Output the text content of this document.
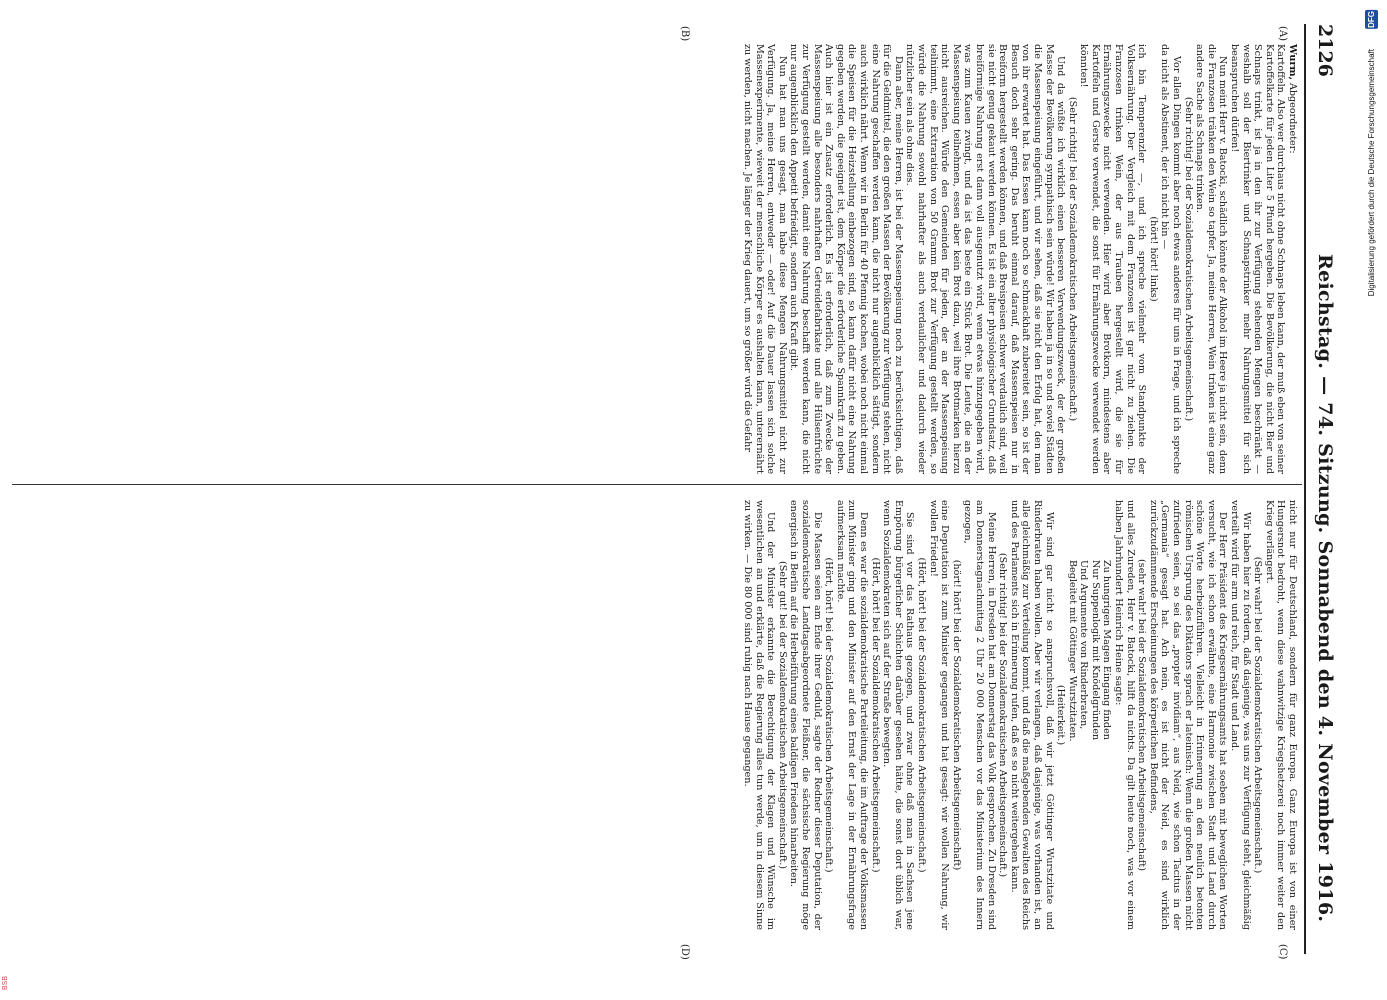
2126
Reichstag. — 74. Sitzung. Sonnabend den 4. November 1916.
(A)
(B)
(C)
(D)

Wurm, Abgeordneter:

Kartoffeln. Also wer durchaus nicht ohne Schnaps leben kann, der muß eben von seiner Kartoffelkarte für jeden Liter 5 Pfund hergeben. Die Bevölkerung, die nicht Bier und Schnaps trinkt, ist ja in den ihr zur Verfügung stehenden Mengen beschränkt — weshalb soll der Biertrinker und Schnapstrinker mehr Nahrungsmittel für sich beanspruchen dürfen!

Nun meint Herr v. Batocki, schädlich könnte der Alkohol im Heere ja nicht sein, denn die Franzosen tränken den Wein so tapfer. Ja, meine Herren, Wein trinken ist eine ganz andere Sache als Schnaps trinken.

(Sehr richtig! bei der Sozialdemokratischen Arbeitsgemeinschaft.)

Vor allen Dingen kommt aber noch etwas anderes für uns in Frage, und ich spreche da nicht als Abstinent, der ich nicht bin —

(hört! hört! links)

ich bin Temperenzler —, und ich spreche vielmehr vom Standpunkte der Volksernährung. Der Vergleich mit dem Franzosen ist gar nicht zu ziehen. Die Franzosen trinken Wein, der aus Trauben hergestellt wird, die sie für Ernährungszwecke nicht verwenden. Hier wird aber Brotkorn, mindestens aber Kartoffeln und Gerste verwendet, die sonst für Ernährungszwecke verwendet werden könnten!

(Sehr richtig! bei der Sozialdemokratischen Arbeitsgemeinschaft.)

Und da wüßte ich wirklich einen besseren Verwendungszweck, der der großen Masse der Bevölkerung sympathisch sein würde! Wir haben ja in so und soviel Städten die Massenspeisung eingeführt, und wir sehen, daß sie nicht den Erfolg hat, den man von ihr erwartet hat. Das Essen kann noch so schmackhaft zubereitet sein, so ist der Besuch doch sehr gering. Das beruht einmal darauf, daß Massenspeisen nur in Breiform hergestellt werden können, und daß Breispeisen schwer verdaulich sind, weil sie nicht genug gekaut werden können. Es ist ein alter physiologischer Grundsatz, daß breiförmige Nahrung erst dann voll ausgenutzt wird, wenn etwas hinzugegeben wird, was zum Kauen zwingt, und da ist das beste ein Stück Brot. Die Leute, die an der Massenspeisung teilnehmen, essen aber kein Brot dazu, weil ihre Brotmarken hierzu nicht ausreichen. Würde den Gemeinden für jeden, der an der Massenspeisung teilnimmt, eine Extraration von 50 Gramm Brot zur Verfügung gestellt werden, so würde die Nahrung sowohl nahrhafter als auch verdaulicher und dadurch wieder nützlicher sein als ohne dies.

Dann aber, meine Herren, ist bei der Massenspeisung noch zu berücksichtigen, daß für die Geldmittel, die den großen Massen der Bevölkerung zur Verfügung stehen, nicht eine Nahrung geschaffen werden kann, die nicht nur augenblicklich sättigt, sondern auch wirklich nährt. Wenn wir in Berlin für 40 Pfennig kochen, wobei noch nicht einmal die Speisen für die Heizstellung einbezogen sind, so kann dafür nicht eine Nahrung gegeben werden, die geeignet ist, dem Körper die erforderliche Spannkraft zu geben. Auch hier ist ein Zusatz erforderlich. Es ist erforderlich, daß zum Zwecke der Massenspeisung alle besonders nahrhaften Getreidefabrikate und alle Hülsenfrüchte zur Verfügung gestellt werden, damit eine Nahrung beschafft werden kann, die nicht nur augenblicklich den Appetit befriedigt, sondern auch Kraft gibt.

Nun hat man uns gesagt, man habe diese Mengen Nahrungsmittel nicht zur Verfügung. Ja, meine Herren, entweder — oder! Auf die Dauer lassen sich solche Massenexperimente, wieweit der menschliche Körper es aushalten kann, unterernährt zu werden, nicht machen. Je länger der Krieg dauert, um so größer wird die Gefahr

nicht nur für Deutschland, sondern für ganz Europa. Ganz Europa ist von einer Hungersnot bedroht, wenn diese wahnwitzige Kriegshetzerei noch immer weiter den Krieg verlängert.

(Sehr wahr! bei der Sozialdemokratischen Arbeitsgemeinschaft.)

Wir haben hier zu fordern, daß dasjenige, was uns zur Verfügung steht, gleichmäßig verteilt wird für arm und reich, für Stadt und Land.

Der Herr Präsident des Kriegsernährungsamts hat soeben mit beweglichen Worten versucht, wie ich schon erwähnte, eine Harmonie zwischen Stadt und Land durch schöne Worte herbeizuführen. Vielleicht in Erinnerung an den neulich betonten römischen Ursprung des Diktators sprach er lateinisch: Wenn die großen Massen nicht zufrieden seien, so sei das „propter invidiam“, aus Neid, wie schon Tacitus in der „Germania“ gesagt hat. Ach nein, es ist nicht der Neid, es sind wirklich zurückzudämmende Erscheinungen des körperlichen Befindens,

(sehr wahr! bei der Sozialdemokratischen Arbeitsgemeinschaft)

und alles Zureden, Herr v. Batocki, hilft da nichts. Da gilt heute noch, was vor einem halben Jahrhundert Heinrich Heine sagte:

Zu hungrigen Magen Eingang finden

Nur Suppenlogik mit Knödelgründen

Und Argumente von Rinderbraten,

Begleitet mit Göttinger Wurstzitaten.

(Heiterkeit.)

Wir sind gar nicht so anspruchsvoll, daß wir jetzt Göttinger Wurstzitate und Rinderbraten haben wollen. Aber wir verlangen, daß dasjenige, was vorhanden ist, an alle gleichmäßig zur Verteilung kommt, und daß die maßgebenden Gewalten des Reichs und des Parlaments sich in Erinnerung rufen, daß es so nicht weitergehen kann.

(Sehr richtig! bei der Sozialdemokratischen Arbeitsgemeinschaft.)

Meine Herren, in Dresden hat am Donnerstag das Volk gesprochen. Zu Dresden sind am Donnerstagnachmittag 2 Uhr 20 000 Menschen vor das Ministerium des Innern gezogen,

(hört! hört! bei der Sozialdemokratischen Arbeitsgemeinschaft)

eine Deputation ist zum Minister gegangen und hat gesagt: wir wollen Nahrung, wir wollen Frieden!

(Hört, hört! bei der Sozialdemokratischen Arbeitsgemeinschaft.)

Sie sind vor das Rathaus gezogen, und zwar ohne daß man in Sachsen jene Empörung bürgerlicher Schichten darüber gesehen hätte, die sonst dort üblich war, wenn Sozialdemokraten sich auf der Straße bewegten.

(Hört, hört! bei der Sozialdemokratischen Arbeitsgemeinschaft.)

Denn es war die sozialdemokratische Parteileitung, die im Auftrage der Volksmassen zum Minister ging und den Minister auf den Ernst der Lage in der Ernährungsfrage aufmerksam machte.

(Hört, hört! bei der Sozialdemokratischen Arbeitsgemeinschaft.)

Die Massen seien am Ende ihrer Geduld, sagte der Redner dieser Deputation, der sozialdemokratische Landtagsabgeordnete Fleißner, die sächsische Regierung möge energisch in Berlin auf die Herbeiführung eines baldigen Friedens hinarbeiten.

(Sehr gut! bei der Sozialdemokratischen Arbeitsgemeinschaft.)

Und der Minister erkannte die Berechtigung der Klagen und Wünsche im wesentlichen an und erklärte, daß die Regierung alles tun werde, um in diesem Sinne zu wirken. — Die 80 000 sind ruhig nach Hause gegangen.

DFG
Digitalisierung gefördert durch die Deutsche Forschungsgemeinschaft
BSB
